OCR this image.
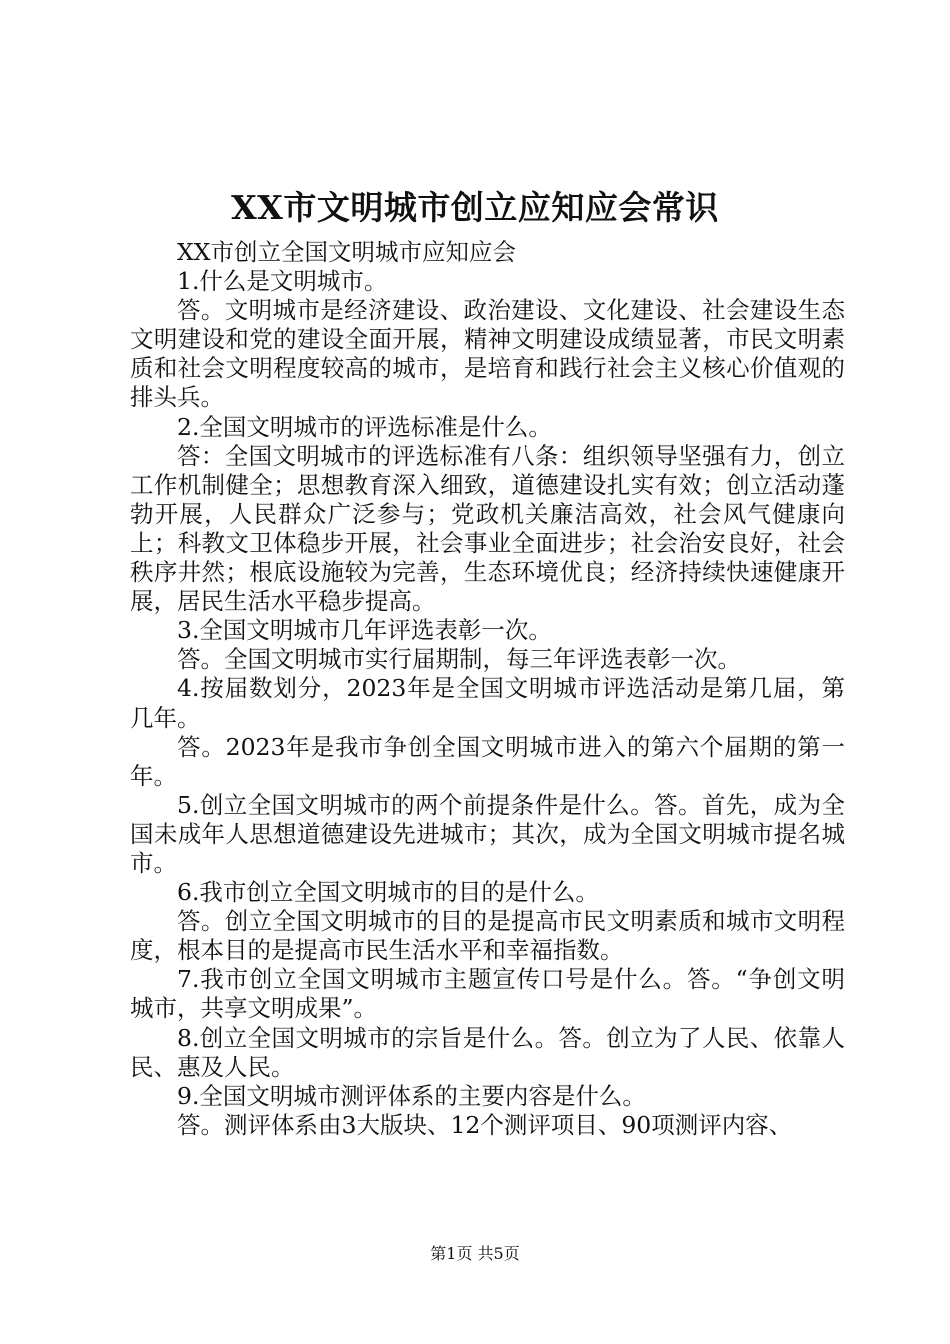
XX市文明城市创立应知应会常识

XX市创立全国文明城市应知应会

1.什么是文明城市。

答。文明城市是经济建设、政治建设、文化建设、社会建设生态文明建设和党的建设全面开展，精神文明建设成绩显著，市民文明素质和社会文明程度较高的城市，是培育和践行社会主义核心价值观的排头兵。

2.全国文明城市的评选标准是什么。

答：全国文明城市的评选标准有八条：组织领导坚强有力，创立工作机制健全；思想教育深入细致，道德建设扎实有效；创立活动蓬勃开展，人民群众广泛参与；党政机关廉洁高效，社会风气健康向上；科教文卫体稳步开展，社会事业全面进步；社会治安良好，社会秩序井然；根底设施较为完善，生态环境优良；经济持续快速健康开展，居民生活水平稳步提高。

3.全国文明城市几年评选表彰一次。

答。全国文明城市实行届期制，每三年评选表彰一次。

4.按届数划分，2023年是全国文明城市评选活动是第几届，第几年。

答。2023年是我市争创全国文明城市进入的第六个届期的第一年。

5.创立全国文明城市的两个前提条件是什么。答。首先，成为全国未成年人思想道德建设先进城市；其次，成为全国文明城市提名城市。

6.我市创立全国文明城市的目的是什么。

答。创立全国文明城市的目的是提高市民文明素质和城市文明程度，根本目的是提高市民生活水平和幸福指数。

7.我市创立全国文明城市主题宣传口号是什么。答。“争创文明城市，共享文明成果”。

8.创立全国文明城市的宗旨是什么。答。创立为了人民、依靠人民、惠及人民。

9.全国文明城市测评体系的主要内容是什么。

答。测评体系由3大版块、12个测评项目、90项测评内容、

第1页 共5页
